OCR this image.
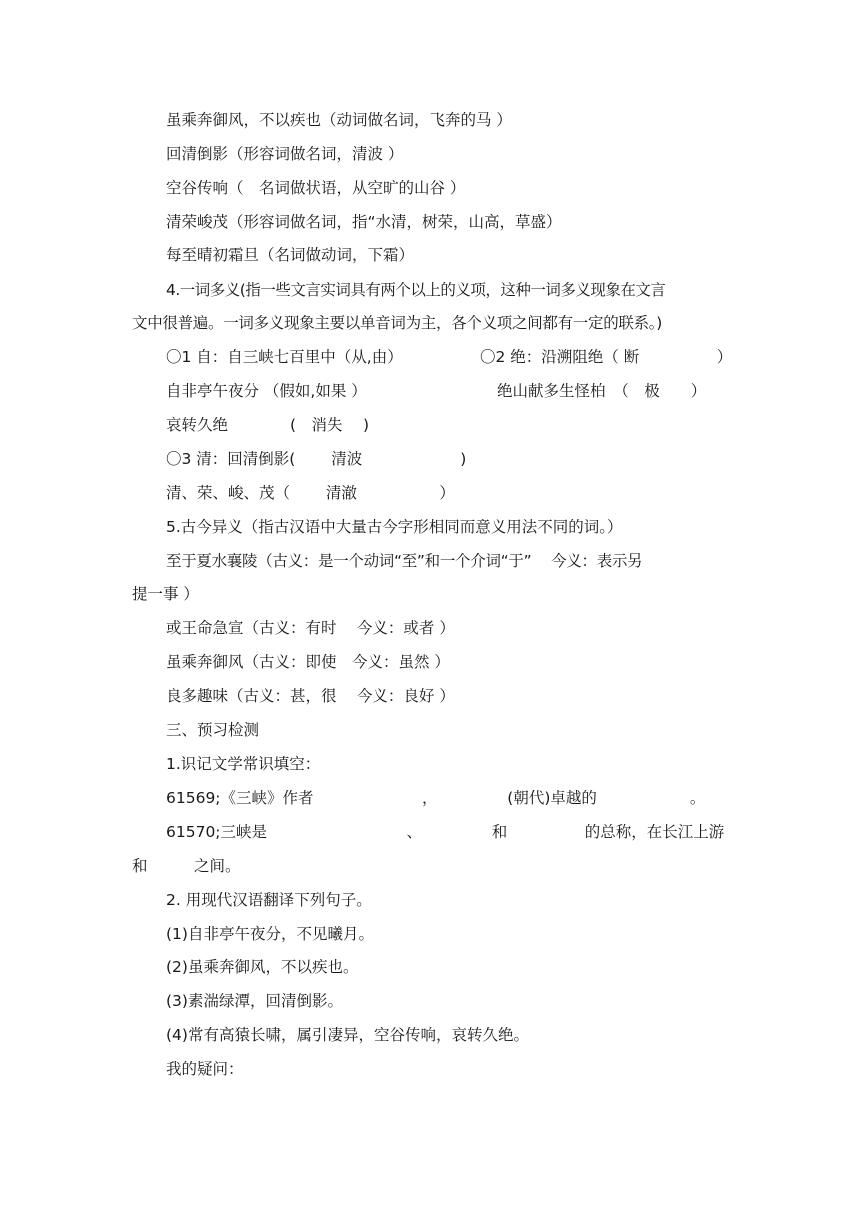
虽乘奔御风，不以疾也（动词做名词，飞奔的马 ）
回清倒影（形容词做名词，清波 ）
空谷传响（　名词做状语，从空旷的山谷 ）
清荣峻茂（形容词做名词，指“水清，树荣，山高，草盛）
每至晴初霜旦（名词做动词，下霜）
4.一词多义(指一些文言实词具有两个以上的义项，这种一词多义现象在文言
文中很普遍。一词多义现象主要以单音词为主，各个义项之间都有一定的联系。)
〇1 自：自三峡七百里中（从,由）	〇2 绝：沿溯阻绝（ 断　　　　　）
自非亭午夜分 （假如,如果 ）	绝山献多生怪柏　（　极　　）
哀转久绝　　　　(　消失　 )
〇3 清：回清倒影(　　 清波　　　　　　 )
清、荣、峻、茂（　　 清澈　　　　　 ）
5.古今异义（指古汉语中大量古今字形相同而意义用法不同的词。）
至于夏水襄陵（古义：是一个动词“至”和一个介词“于”　 今义：表示另
提一事 ）
或王命急宣（古义：有时　 今义：或者 ）
虽乘奔御风（古义：即使　今义：虽然 ）
良多趣味（古义：甚，很　 今义：良好 ）
三、预习检测
1.识记文学常识填空：
61569;《三峡》作者　　　　　　　，　　　　　(朝代)卓越的　　　　　　。
61570;三峡是　　　　　　　　　、　　　　　和　　　　　的总称，在长江上游
和　　　之间。
2. 用现代汉语翻译下列句子。
(1)自非亭午夜分，不见曦月。
(2)虽乘奔御风，不以疾也。
(3)素湍绿潭，回清倒影。
(4)常有高猿长啸，属引凄异，空谷传响，哀转久绝。
我的疑问：
